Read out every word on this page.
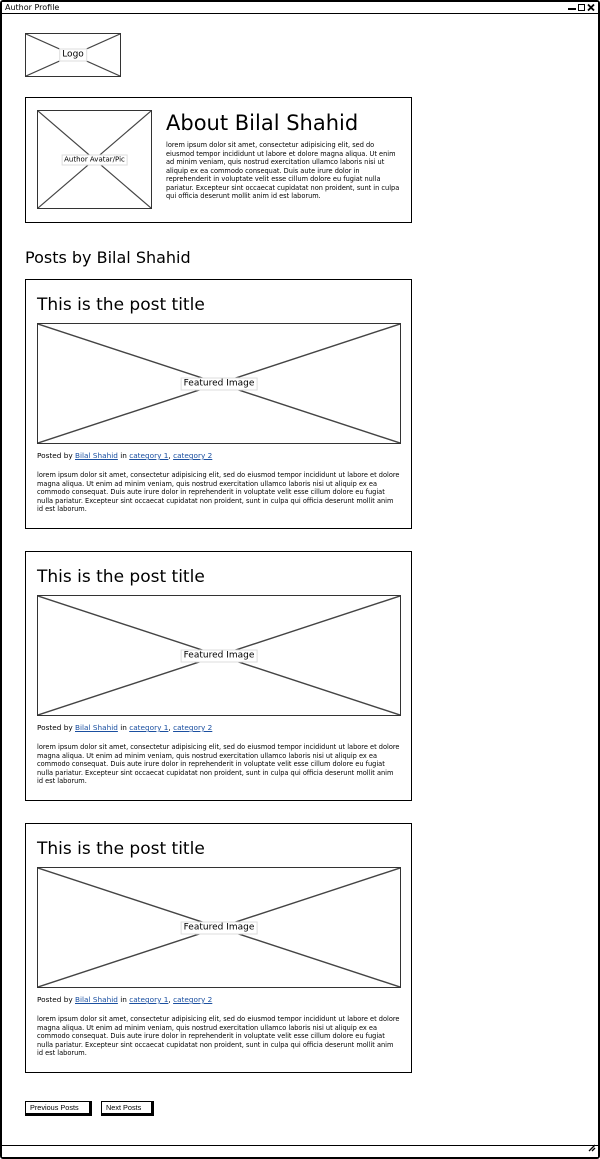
Author Profile
Logo
Author Avatar/Pic
About Bilal Shahid
lorem ipsum dolor sit amet, consectetur adipisicing elit, sed do eiusmod tempor incididunt ut labore et dolore magna aliqua. Ut enim ad minim veniam, quis nostrud exercitation ullamco laboris nisi ut aliquip ex ea commodo consequat. Duis aute irure dolor in reprehenderit in voluptate velit esse cillum dolore eu fugiat nulla pariatur. Excepteur sint occaecat cupidatat non proident, sunt in culpa qui officia deserunt mollit anim id est laborum.
Posts by Bilal Shahid
This is the post title
Featured Image
Posted by Bilal Shahid in category 1, category 2
lorem ipsum dolor sit amet, consectetur adipisicing elit, sed do eiusmod tempor incididunt ut labore et dolore magna aliqua. Ut enim ad minim veniam, quis nostrud exercitation ullamco laboris nisi ut aliquip ex ea commodo consequat. Duis aute irure dolor in reprehenderit in voluptate velit esse cillum dolore eu fugiat nulla pariatur. Excepteur sint occaecat cupidatat non proident, sunt in culpa qui officia deserunt mollit anim id est laborum.
This is the post title
Featured Image
Posted by Bilal Shahid in category 1, category 2
lorem ipsum dolor sit amet, consectetur adipisicing elit, sed do eiusmod tempor incididunt ut labore et dolore magna aliqua. Ut enim ad minim veniam, quis nostrud exercitation ullamco laboris nisi ut aliquip ex ea commodo consequat. Duis aute irure dolor in reprehenderit in voluptate velit esse cillum dolore eu fugiat nulla pariatur. Excepteur sint occaecat cupidatat non proident, sunt in culpa qui officia deserunt mollit anim id est laborum.
This is the post title
Featured Image
Posted by Bilal Shahid in category 1, category 2
lorem ipsum dolor sit amet, consectetur adipisicing elit, sed do eiusmod tempor incididunt ut labore et dolore magna aliqua. Ut enim ad minim veniam, quis nostrud exercitation ullamco laboris nisi ut aliquip ex ea commodo consequat. Duis aute irure dolor in reprehenderit in voluptate velit esse cillum dolore eu fugiat nulla pariatur. Excepteur sint occaecat cupidatat non proident, sunt in culpa qui officia deserunt mollit anim id est laborum.
Previous Posts	Next Posts
